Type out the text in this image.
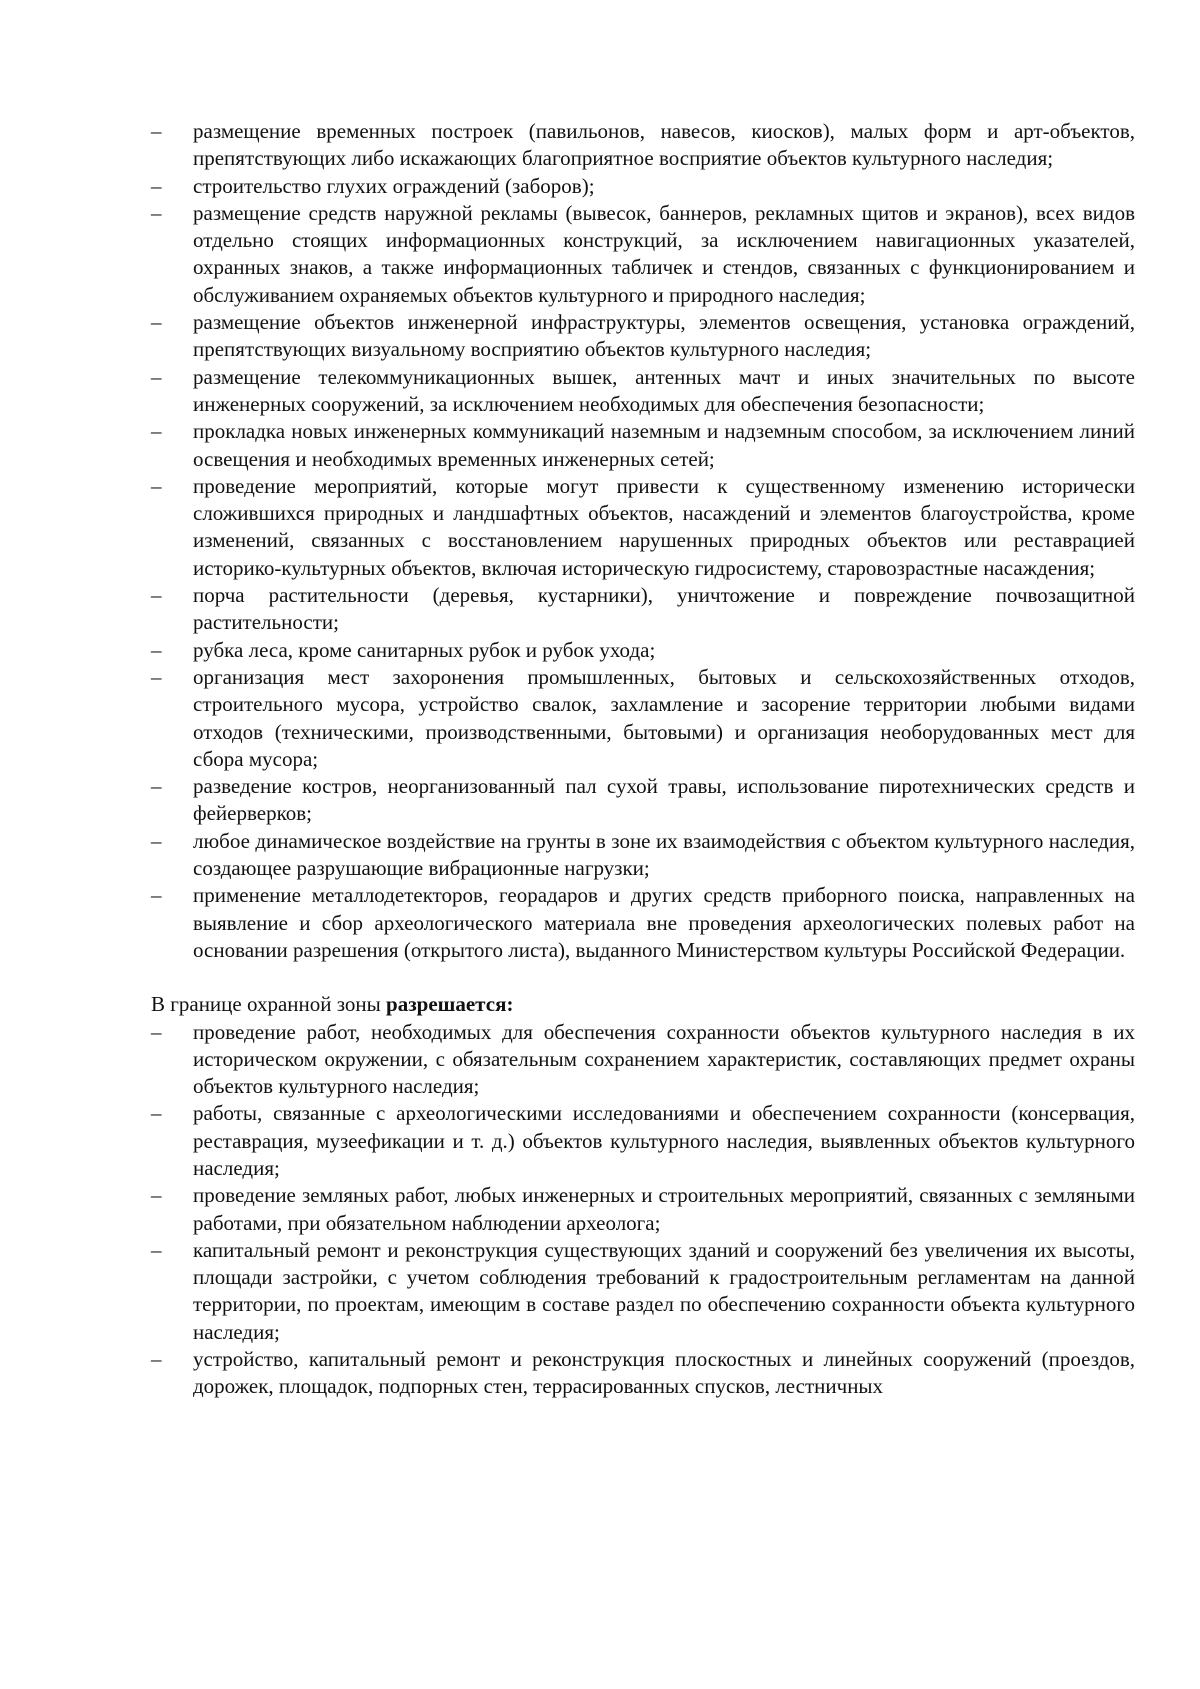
– размещение временных построек (павильонов, навесов, киосков), малых форм и арт-объектов, препятствующих либо искажающих благоприятное восприятие объектов культурного наследия;
– строительство глухих ограждений (заборов);
– размещение средств наружной рекламы (вывесок, баннеров, рекламных щитов и экранов), всех видов отдельно стоящих информационных конструкций, за исключением навигационных указателей, охранных знаков, а также информационных табличек и стендов, связанных с функционированием и обслуживанием охраняемых объектов культурного и природного наследия;
– размещение объектов инженерной инфраструктуры, элементов освещения, установка ограждений, препятствующих визуальному восприятию объектов культурного наследия;
– размещение телекоммуникационных вышек, антенных мачт и иных значительных по высоте инженерных сооружений, за исключением необходимых для обеспечения безопасности;
– прокладка новых инженерных коммуникаций наземным и надземным способом, за исключением линий освещения и необходимых временных инженерных сетей;
– проведение мероприятий, которые могут привести к существенному изменению исторически сложившихся природных и ландшафтных объектов, насаждений и элементов благоустройства, кроме изменений, связанных с восстановлением нарушенных природных объектов или реставрацией историко-культурных объектов, включая историческую гидросистему, старовозрастные насаждения;
– порча растительности (деревья, кустарники), уничтожение и повреждение почвозащитной растительности;
– рубка леса, кроме санитарных рубок и рубок ухода;
– организация мест захоронения промышленных, бытовых и сельскохозяйственных отходов, строительного мусора, устройство свалок, захламление и засорение территории любыми видами отходов (техническими, производственными, бытовыми) и организация необорудованных мест для сбора мусора;
– разведение костров, неорганизованный пал сухой травы, использование пиротехнических средств и фейерверков;
– любое динамическое воздействие на грунты в зоне их взаимодействия с объектом культурного наследия, создающее разрушающие вибрационные нагрузки;
– применение металлодетекторов, георадаров и других средств приборного поиска, направленных на выявление и сбор археологического материала вне проведения археологических полевых работ на основании разрешения (открытого листа), выданного Министерством культуры Российской Федерации.
В границе охранной зоны разрешается:
– проведение работ, необходимых для обеспечения сохранности объектов культурного наследия в их историческом окружении, с обязательным сохранением характеристик, составляющих предмет охраны объектов культурного наследия;
– работы, связанные с археологическими исследованиями и обеспечением сохранности (консервация, реставрация, музеефикации и т. д.) объектов культурного наследия, выявленных объектов культурного наследия;
– проведение земляных работ, любых инженерных и строительных мероприятий, связанных с земляными работами, при обязательном наблюдении археолога;
– капитальный ремонт и реконструкция существующих зданий и сооружений без увеличения их высоты, площади застройки, с учетом соблюдения требований к градостроительным регламентам на данной территории, по проектам, имеющим в составе раздел по обеспечению сохранности объекта культурного наследия;
– устройство, капитальный ремонт и реконструкция плоскостных и линейных сооружений (проездов, дорожек, площадок, подпорных стен, террасированных спусков, лестничных
